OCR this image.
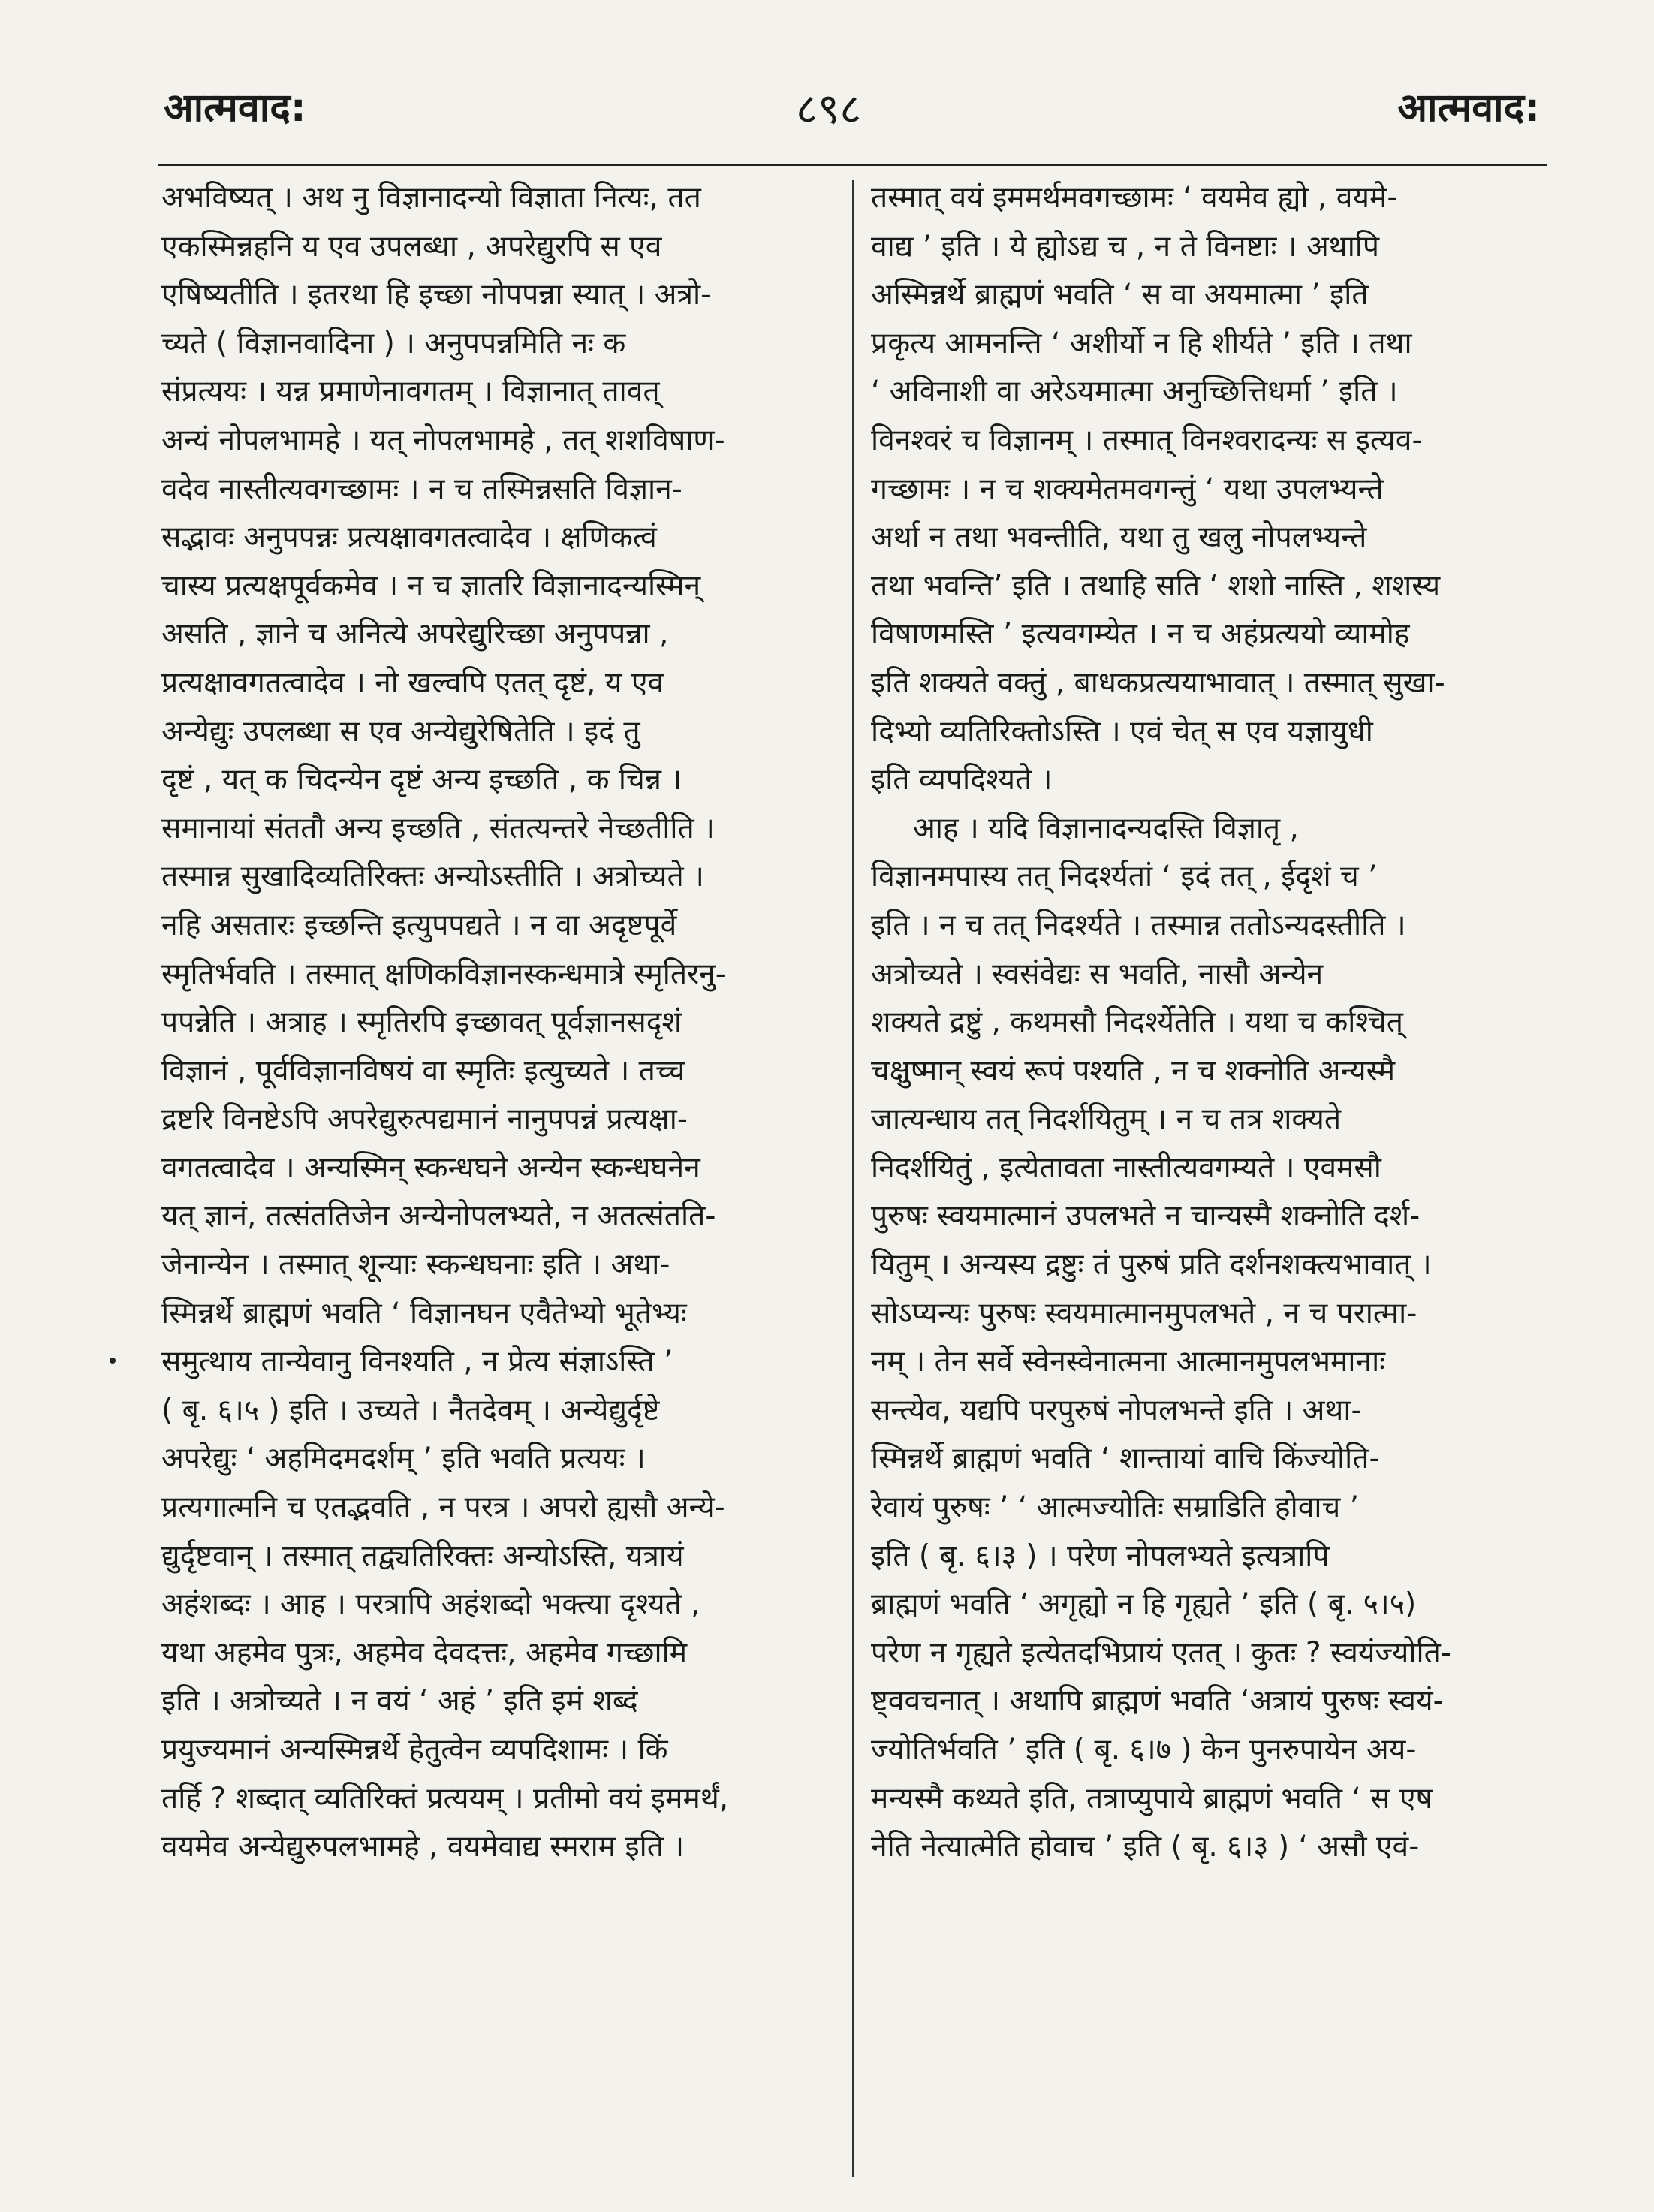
आत्मवाद:	८९८	आत्मवाद:
अभविष्यत् । अथ नु विज्ञानादन्यो विज्ञाता नित्यः, तत
एकस्मिन्नहनि य एव उपलब्धा , अपरेद्युरपि स एव
एषिष्यतीति । इतरथा हि इच्छा नोपपन्ना स्यात् । अत्रो-
च्यते ( विज्ञानवादिना ) । अनुपपन्नमिति नः क
संप्रत्ययः । यन्न प्रमाणेनावगतम् । विज्ञानात् तावत्
अन्यं नोपलभामहे । यत् नोपलभामहे , तत् शशविषाण-
वदेव नास्तीत्यवगच्छामः । न च तस्मिन्नसति विज्ञान-
सद्भावः अनुपपन्नः प्रत्यक्षावगतत्वादेव । क्षणिकत्वं
चास्य प्रत्यक्षपूर्वकमेव । न च ज्ञातरि विज्ञानादन्यस्मिन्
असति , ज्ञाने च अनित्ये अपरेद्युरिच्छा अनुपपन्ना ,
प्रत्यक्षावगतत्वादेव । नो खल्वपि एतत् दृष्टं, य एव
अन्येद्युः उपलब्धा स एव अन्येद्युरेषितेति । इदं तु
दृष्टं , यत् क चिदन्येन दृष्टं अन्य इच्छति , क चिन्न ।
समानायां संततौ अन्य इच्छति , संतत्यन्तरे नेच्छतीति ।
तस्मान्न सुखादिव्यतिरिक्तः अन्योऽस्तीति । अत्रोच्यते ।
नहि असतारः इच्छन्ति इत्युपपद्यते । न वा अदृष्टपूर्वे
स्मृतिर्भवति । तस्मात् क्षणिकविज्ञानस्कन्धमात्रे स्मृतिरनु-
पपन्नेति । अत्राह । स्मृतिरपि इच्छावत् पूर्वज्ञानसदृशं
विज्ञानं , पूर्वविज्ञानविषयं वा स्मृतिः इत्युच्यते । तच्च
द्रष्टरि विनष्टेऽपि अपरेद्युरुत्पद्यमानं नानुपपन्नं प्रत्यक्षा-
वगतत्वादेव । अन्यस्मिन् स्कन्धघने अन्येन स्कन्धघनेन
यत् ज्ञानं, तत्संततिजेन अन्येनोपलभ्यते, न अतत्संतति-
जेनान्येन । तस्मात् शून्याः स्कन्धघनाः इति । अथा-
स्मिन्नर्थे ब्राह्मणं भवति ‘ विज्ञानघन एवैतेभ्यो भूतेभ्यः
समुत्थाय तान्येवानु विनश्यति , न प्रेत्य संज्ञाऽस्ति ’
( बृ. ६।५ ) इति । उच्यते । नैतदेवम् । अन्येद्युर्दृष्टे
अपरेद्युः ‘ अहमिदमदर्शम् ’ इति भवति प्रत्ययः ।
प्रत्यगात्मनि च एतद्भवति , न परत्र । अपरो ह्यसौ अन्ये-
द्युर्दृष्टवान् । तस्मात् तद्व्यतिरिक्तः अन्योऽस्ति, यत्रायं
अहंशब्दः । आह । परत्रापि अहंशब्दो भक्त्या दृश्यते ,
यथा अहमेव पुत्रः, अहमेव देवदत्तः, अहमेव गच्छामि
इति । अत्रोच्यते । न वयं ‘ अहं ’ इति इमं शब्दं
प्रयुज्यमानं अन्यस्मिन्नर्थे हेतुत्वेन व्यपदिशामः । किं
तर्हि ? शब्दात् व्यतिरिक्तं प्रत्ययम् । प्रतीमो वयं इममर्थं,
वयमेव अन्येद्युरुपलभामहे , वयमेवाद्य स्मराम इति ।
तस्मात् वयं इममर्थमवगच्छामः ‘ वयमेव ह्यो , वयमे-
वाद्य ’ इति । ये ह्योऽद्य च , न ते विनष्टाः । अथापि
अस्मिन्नर्थे ब्राह्मणं भवति ‘ स वा अयमात्मा ’ इति
प्रकृत्य आमनन्ति ‘ अशीर्यो न हि शीर्यते ’ इति । तथा
‘ अविनाशी वा अरेऽयमात्मा अनुच्छित्तिधर्मा ’ इति ।
विनश्वरं च विज्ञानम् । तस्मात् विनश्वरादन्यः स इत्यव-
गच्छामः । न च शक्यमेतमवगन्तुं ‘ यथा उपलभ्यन्ते
अर्था न तथा भवन्तीति, यथा तु खलु नोपलभ्यन्ते
तथा भवन्ति’ इति । तथाहि सति ‘ शशो नास्ति , शशस्य
विषाणमस्ति ’ इत्यवगम्येत । न च अहंप्रत्ययो व्यामोह
इति शक्यते वक्तुं , बाधकप्रत्ययाभावात् । तस्मात् सुखा-
दिभ्यो व्यतिरिक्तोऽस्ति । एवं चेत् स एव यज्ञायुधी
इति व्यपदिश्यते ।
आह । यदि विज्ञानादन्यदस्ति विज्ञातृ ,
विज्ञानमपास्य तत् निदर्श्यतां ‘ इदं तत् , ईदृशं च ’
इति । न च तत् निदर्श्यते । तस्मान्न ततोऽन्यदस्तीति ।
अत्रोच्यते । स्वसंवेद्यः स भवति, नासौ अन्येन
शक्यते द्रष्टुं , कथमसौ निदर्श्येतेति । यथा च कश्चित्
चक्षुष्मान् स्वयं रूपं पश्यति , न च शक्नोति अन्यस्मै
जात्यन्धाय तत् निदर्शयितुम् । न च तत्र शक्यते
निदर्शयितुं , इत्येतावता नास्तीत्यवगम्यते । एवमसौ
पुरुषः स्वयमात्मानं उपलभते न चान्यस्मै शक्नोति दर्श-
यितुम् । अन्यस्य द्रष्टुः तं पुरुषं प्रति दर्शनशक्त्यभावात् ।
सोऽप्यन्यः पुरुषः स्वयमात्मानमुपलभते , न च परात्मा-
नम् । तेन सर्वे स्वेनस्वेनात्मना आत्मानमुपलभमानाः
सन्त्येव, यद्यपि परपुरुषं नोपलभन्ते इति । अथा-
स्मिन्नर्थे ब्राह्मणं भवति ‘ शान्तायां वाचि किंज्योति-
रेवायं पुरुषः ’ ‘ आत्मज्योतिः सम्राडिति होवाच ’
इति ( बृ. ६।३ ) । परेण नोपलभ्यते इत्यत्रापि
ब्राह्मणं भवति ‘ अगृह्यो न हि गृह्यते ’ इति ( बृ. ५।५)
परेण न गृह्यते इत्येतदभिप्रायं एतत् । कुतः ? स्वयंज्योति-
ष्ट्ववचनात् । अथापि ब्राह्मणं भवति ‘अत्रायं पुरुषः स्वयं-
ज्योतिर्भवति ’ इति ( बृ. ६।७ ) केन पुनरुपायेन अय-
मन्यस्मै कथ्यते इति, तत्राप्युपाये ब्राह्मणं भवति ‘ स एष
नेति नेत्यात्मेति होवाच ’ इति ( बृ. ६।३ ) ‘ असौ एवं-
